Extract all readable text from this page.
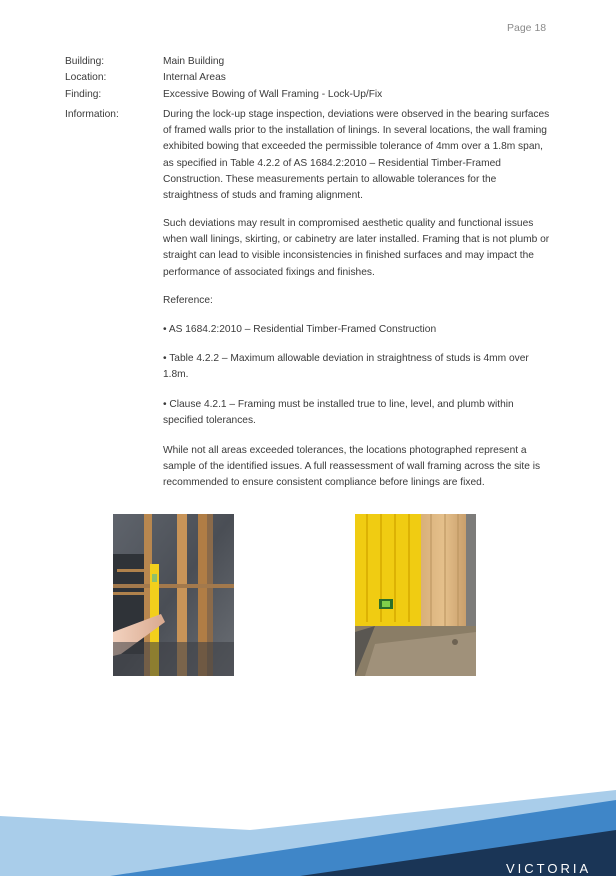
Page 18
Building:	Main Building
Location:	Internal Areas
Finding:	Excessive Bowing of Wall Framing - Lock-Up/Fix
Information:	During the lock-up stage inspection, deviations were observed in the bearing surfaces
of framed walls prior to the installation of linings. In several locations, the wall framing
exhibited bowing that exceeded the permissible tolerance of 4mm over a 1.8m span,
as specified in Table 4.2.2 of AS 1684.2:2010 – Residential Timber-Framed
Construction. These measurements pertain to allowable tolerances for the
straightness of studs and framing alignment.

Such deviations may result in compromised aesthetic quality and functional issues
when wall linings, skirting, or cabinetry are later installed. Framing that is not plumb or
straight can lead to visible inconsistencies in finished surfaces and may impact the
performance of associated fixings and finishes.

Reference:

• AS 1684.2:2010 – Residential Timber-Framed Construction

• Table 4.2.2 – Maximum allowable deviation in straightness of studs is 4mm over
1.8m.

• Clause 4.2.1 – Framing must be installed true to line, level, and plumb within
specified tolerances.

While not all areas exceeded tolerances, the locations photographed represent a
sample of the identified issues. A full reassessment of wall framing across the site is
recommended to ensure consistent compliance before linings are fixed.

VICTORIA
